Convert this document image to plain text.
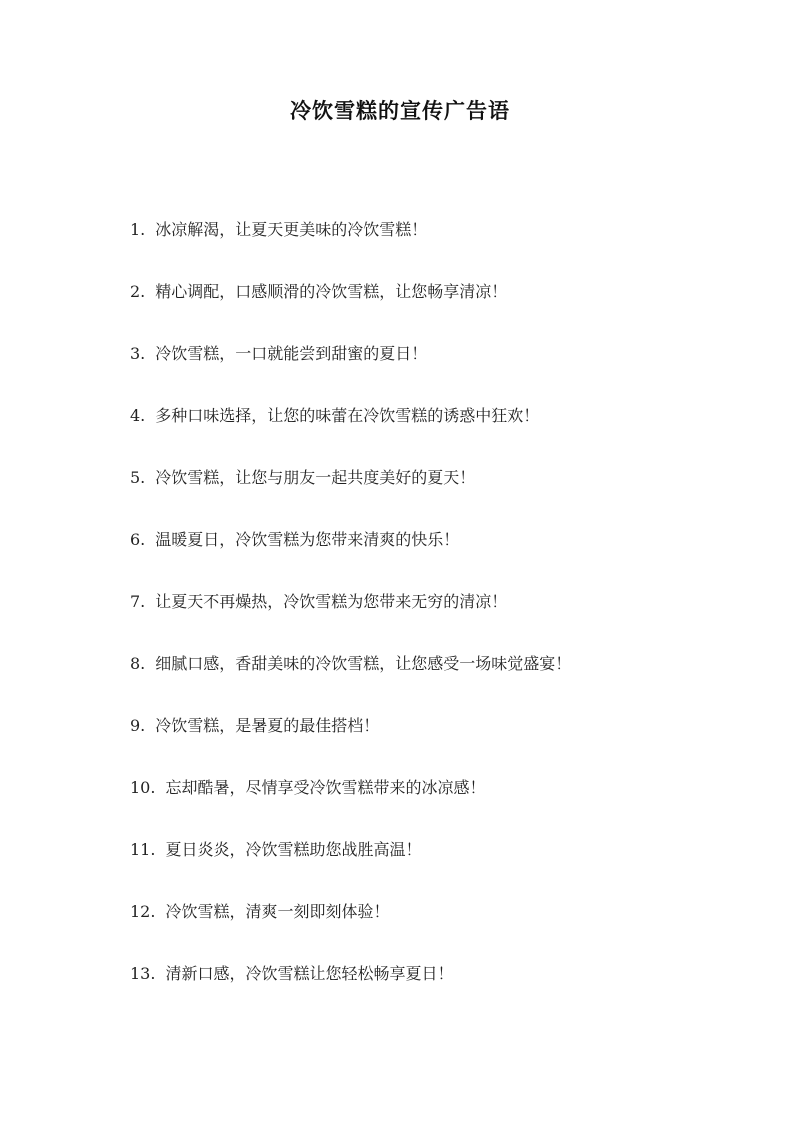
冷饮雪糕的宣传广告语
1. 冰凉解渴，让夏天更美味的冷饮雪糕！
2. 精心调配，口感顺滑的冷饮雪糕，让您畅享清凉！
3. 冷饮雪糕，一口就能尝到甜蜜的夏日！
4. 多种口味选择，让您的味蕾在冷饮雪糕的诱惑中狂欢！
5. 冷饮雪糕，让您与朋友一起共度美好的夏天！
6. 温暖夏日，冷饮雪糕为您带来清爽的快乐！
7. 让夏天不再燥热，冷饮雪糕为您带来无穷的清凉！
8. 细腻口感，香甜美味的冷饮雪糕，让您感受一场味觉盛宴！
9. 冷饮雪糕，是暑夏的最佳搭档！
10. 忘却酷暑，尽情享受冷饮雪糕带来的冰凉感！
11. 夏日炎炎，冷饮雪糕助您战胜高温！
12. 冷饮雪糕，清爽一刻即刻体验！
13. 清新口感，冷饮雪糕让您轻松畅享夏日！
